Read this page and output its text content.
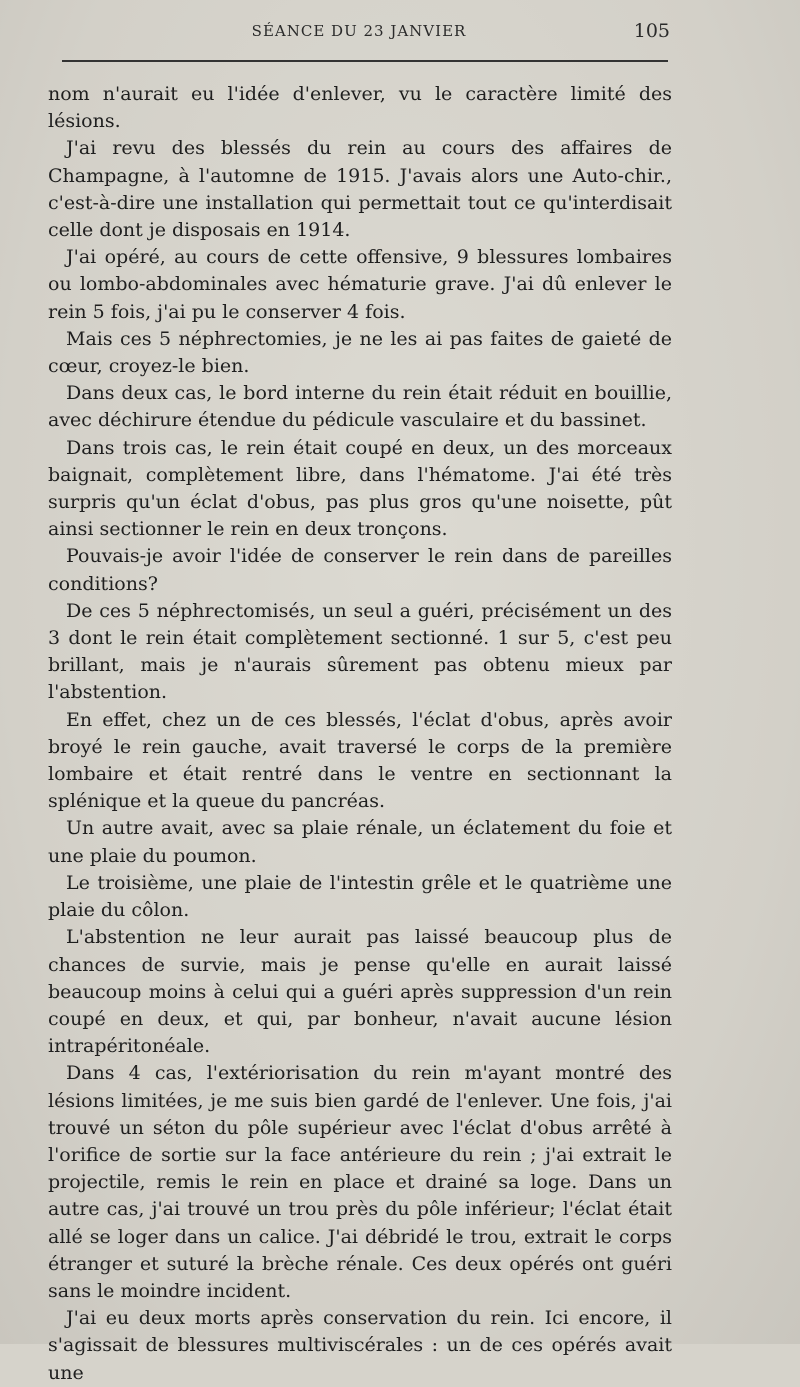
SÉANCE DU 23 JANVIER	105

nom n'aurait eu l'idée d'enlever, vu le caractère limité des lésions.

J'ai revu des blessés du rein au cours des affaires de Champagne, à l'automne de 1915. J'avais alors une Auto-chir., c'est-à-dire une installation qui permettait tout ce qu'interdisait celle dont je disposais en 1914.

J'ai opéré, au cours de cette offensive, 9 blessures lombaires ou lombo-abdominales avec hématurie grave. J'ai dû enlever le rein 5 fois, j'ai pu le conserver 4 fois.

Mais ces 5 néphrectomies, je ne les ai pas faites de gaieté de cœur, croyez-le bien.

Dans deux cas, le bord interne du rein était réduit en bouillie, avec déchirure étendue du pédicule vasculaire et du bassinet.

Dans trois cas, le rein était coupé en deux, un des morceaux baignait, complètement libre, dans l'hématome. J'ai été très surpris qu'un éclat d'obus, pas plus gros qu'une noisette, pût ainsi sectionner le rein en deux tronçons.

Pouvais-je avoir l'idée de conserver le rein dans de pareilles conditions?

De ces 5 néphrectomisés, un seul a guéri, précisément un des 3 dont le rein était complètement sectionné. 1 sur 5, c'est peu brillant, mais je n'aurais sûrement pas obtenu mieux par l'abstention.

En effet, chez un de ces blessés, l'éclat d'obus, après avoir broyé le rein gauche, avait traversé le corps de la première lombaire et était rentré dans le ventre en sectionnant la splénique et la queue du pancréas.

Un autre avait, avec sa plaie rénale, un éclatement du foie et une plaie du poumon.

Le troisième, une plaie de l'intestin grêle et le quatrième une plaie du côlon.

L'abstention ne leur aurait pas laissé beaucoup plus de chances de survie, mais je pense qu'elle en aurait laissé beaucoup moins à celui qui a guéri après suppression d'un rein coupé en deux, et qui, par bonheur, n'avait aucune lésion intrapéritonéale.

Dans 4 cas, l'extériorisation du rein m'ayant montré des lésions limitées, je me suis bien gardé de l'enlever. Une fois, j'ai trouvé un séton du pôle supérieur avec l'éclat d'obus arrêté à l'orifice de sortie sur la face antérieure du rein ; j'ai extrait le projectile, remis le rein en place et drainé sa loge. Dans un autre cas, j'ai trouvé un trou près du pôle inférieur; l'éclat était allé se loger dans un calice. J'ai débridé le trou, extrait le corps étranger et suturé la brèche rénale. Ces deux opérés ont guéri sans le moindre incident.

J'ai eu deux morts après conservation du rein. Ici encore, il s'agissait de blessures multiviscérales : un de ces opérés avait une
